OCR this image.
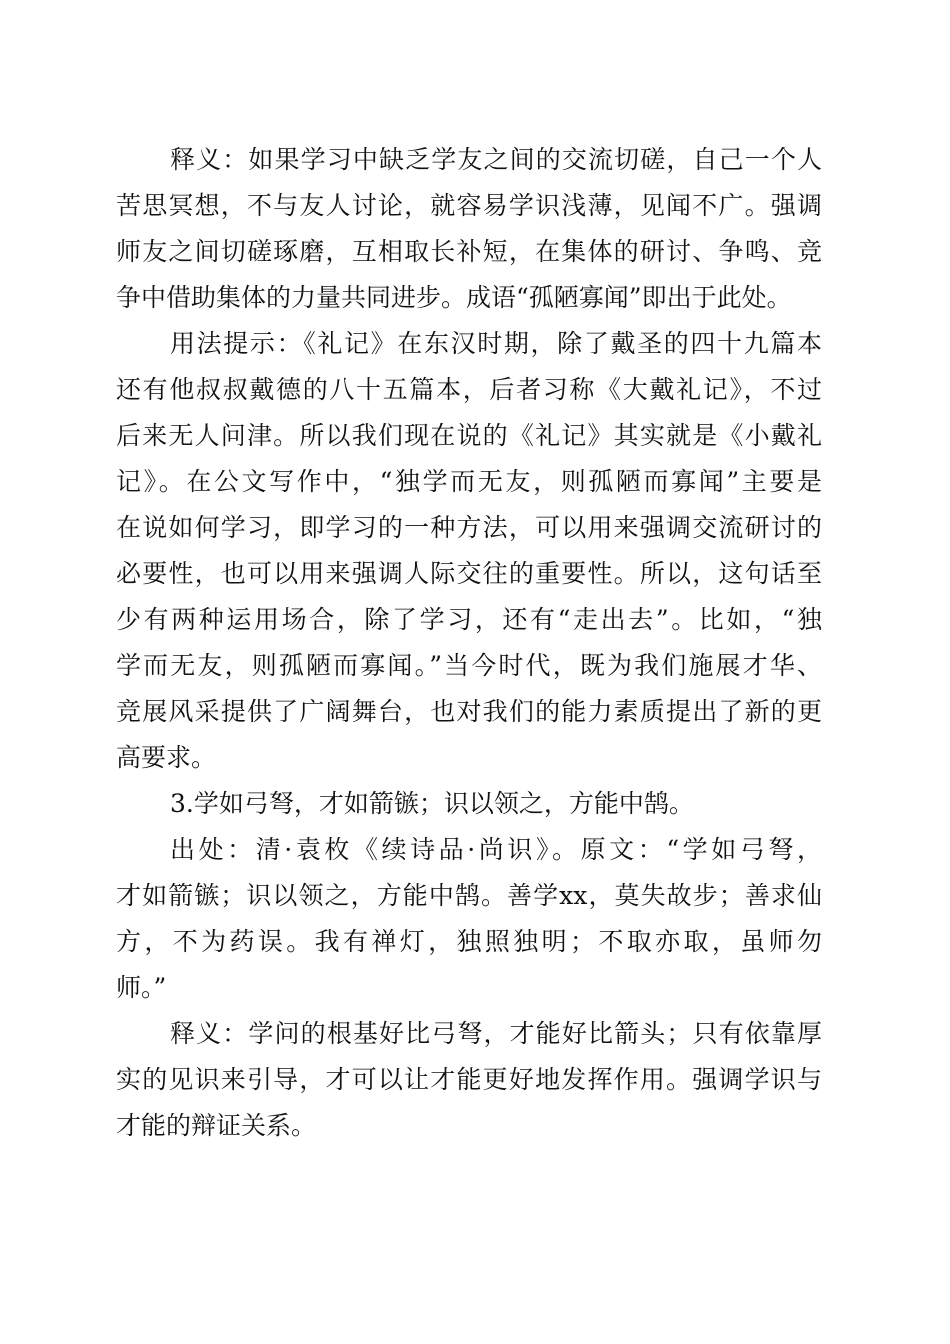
释义：如果学习中缺乏学友之间的交流切磋，自己一个人
苦思冥想，不与友人讨论，就容易学识浅薄，见闻不广。强调
师友之间切磋琢磨，互相取长补短，在集体的研讨、争鸣、竞
争中借助集体的力量共同进步。成语“孤陋寡闻”即出于此处。
用法提示：《礼记》在东汉时期，除了戴圣的四十九篇本
还有他叔叔戴德的八十五篇本，后者习称《大戴礼记》，不过
后来无人问津。所以我们现在说的《礼记》其实就是《小戴礼
记》。在公文写作中，“独学而无友，则孤陋而寡闻”主要是
在说如何学习，即学习的一种方法，可以用来强调交流研讨的
必要性，也可以用来强调人际交往的重要性。所以，这句话至
少有两种运用场合，除了学习，还有“走出去”。比如，“独
学而无友，则孤陋而寡闻。”当今时代，既为我们施展才华、
竞展风采提供了广阔舞台，也对我们的能力素质提出了新的更
高要求。
3.学如弓弩，才如箭镞；识以领之，方能中鹄。
出处：清·袁枚《续诗品·尚识》。原文：“学如弓弩，
才如箭镞；识以领之，方能中鹄。善学xx，莫失故步；善求仙
方，不为药误。我有禅灯，独照独明；不取亦取，虽师勿
师。”
释义：学问的根基好比弓弩，才能好比箭头；只有依靠厚
实的见识来引导，才可以让才能更好地发挥作用。强调学识与
才能的辩证关系。
